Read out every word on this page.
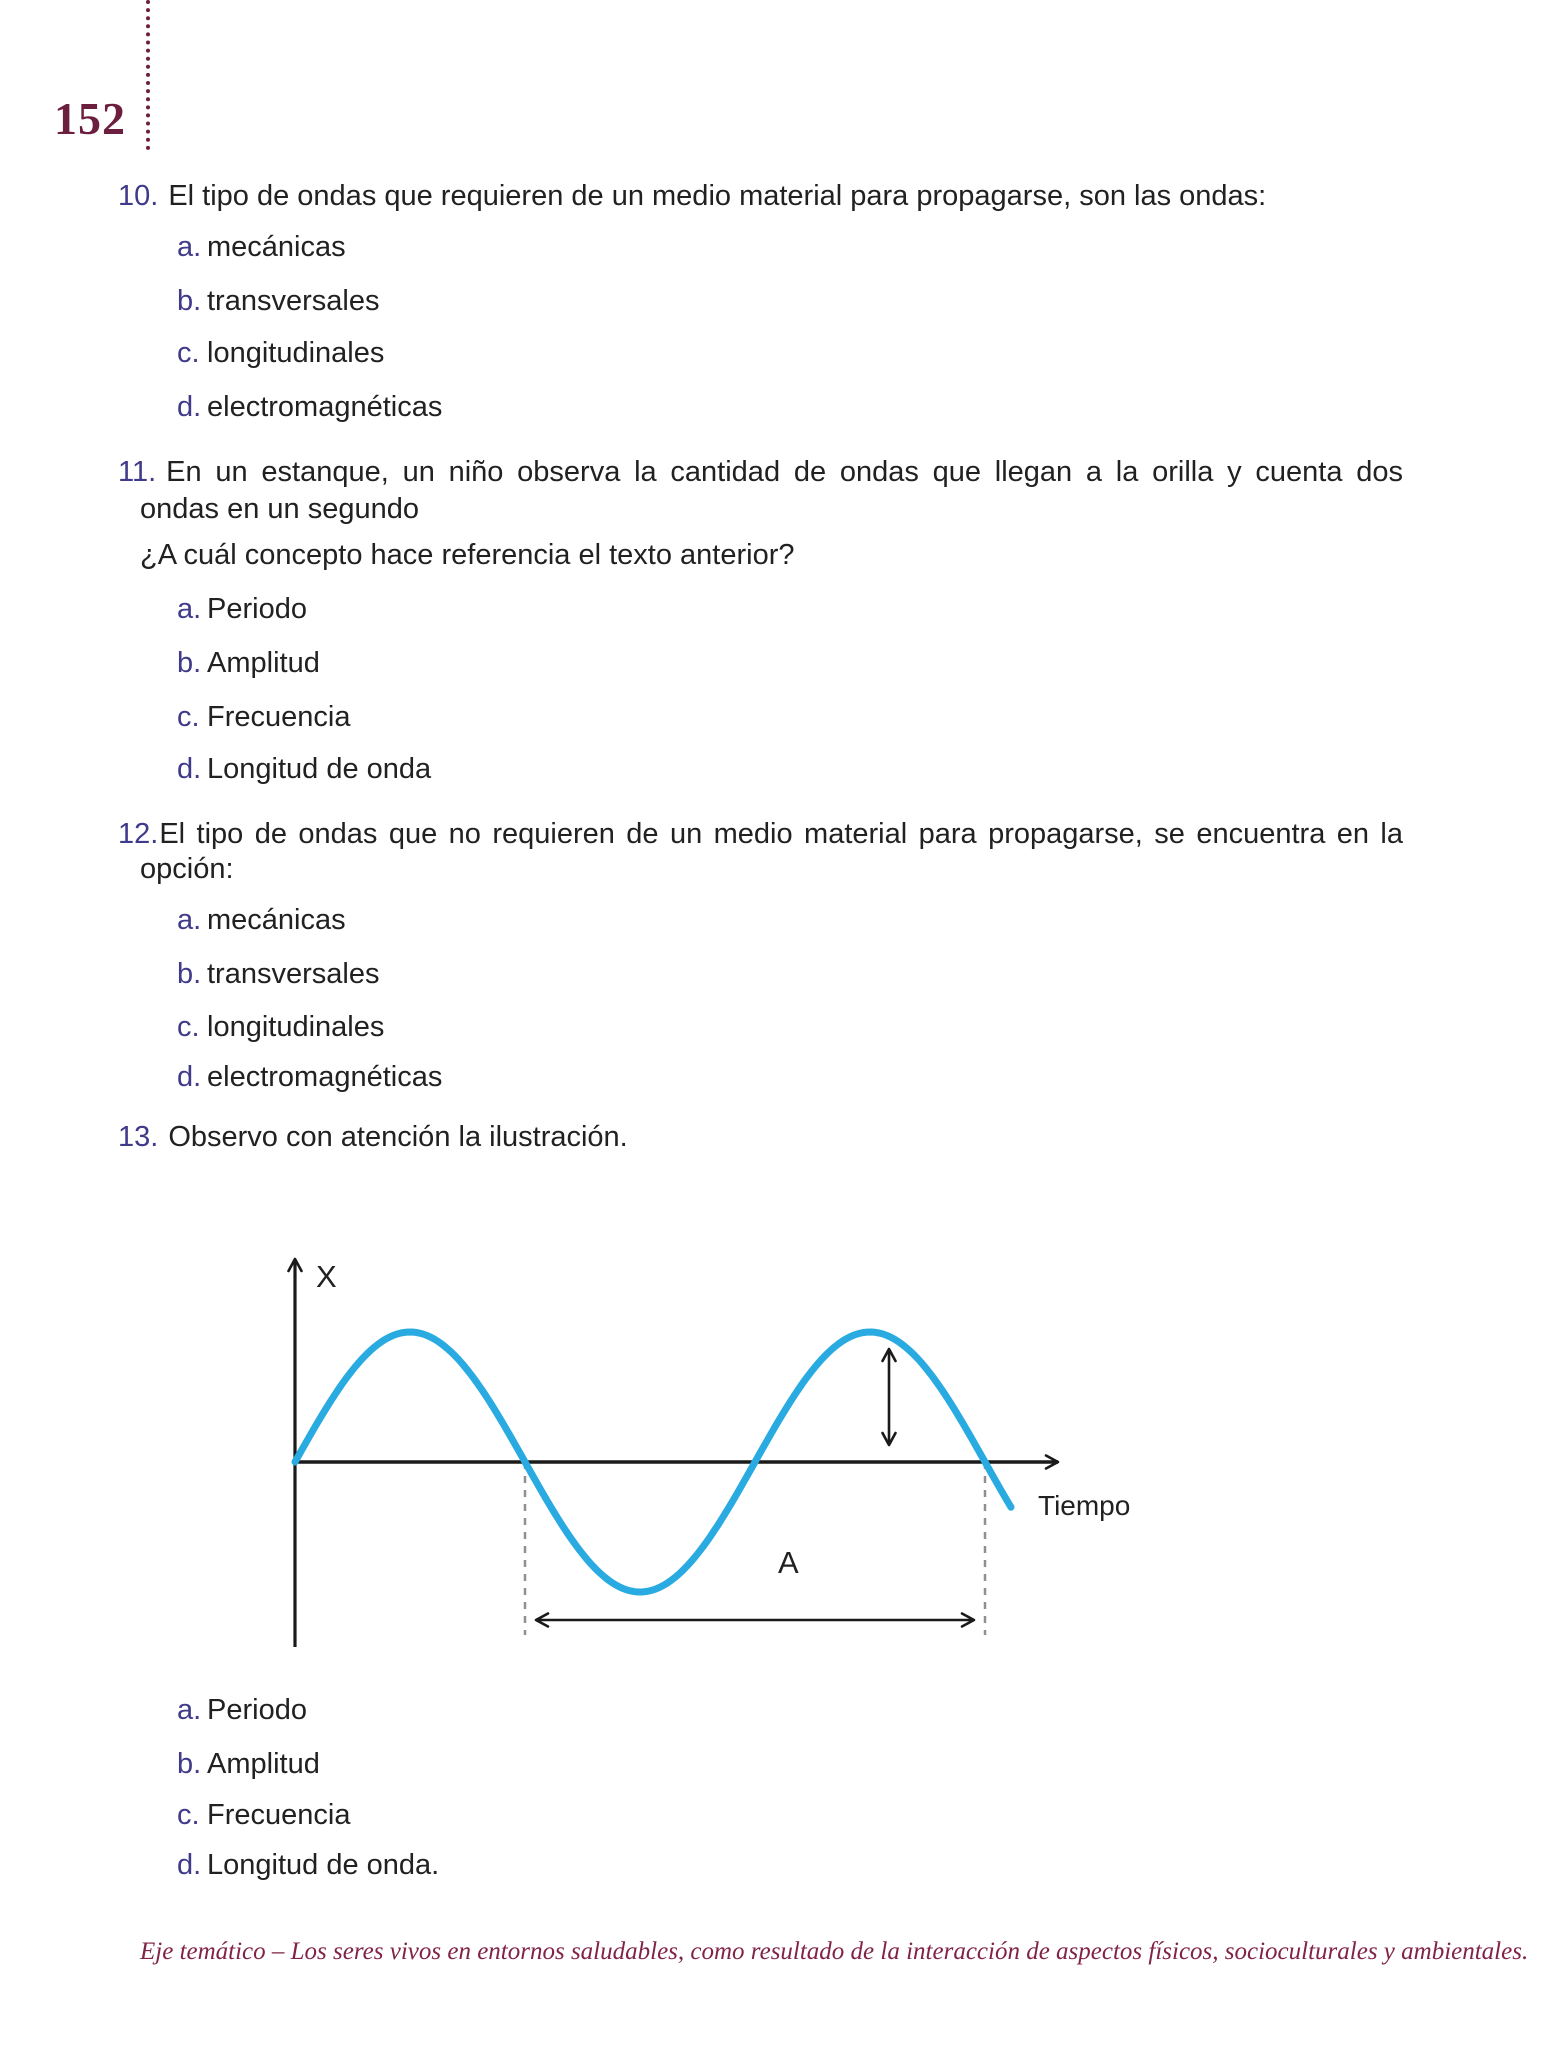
152
10. El tipo de ondas que requieren de un medio material para propagarse, son las ondas:
a. mecánicas
b. transversales
c. longitudinales
d. electromagnéticas
11. En un estanque, un niño observa la cantidad de ondas que llegan a la orilla y cuenta dos
ondas en un segundo
¿A cuál concepto hace referencia el texto anterior?
a. Periodo
b. Amplitud
c. Frecuencia
d. Longitud de onda
12.El tipo de ondas que no requieren de un medio material para propagarse, se encuentra en la
opción:
a. mecánicas
b. transversales
c. longitudinales
d. electromagnéticas
13. Observo con atención la ilustración.
X
Tiempo
A
a. Periodo
b. Amplitud
c. Frecuencia
d. Longitud de onda.
Eje temático – Los seres vivos en entornos saludables, como resultado de la interacción de aspectos físicos, socioculturales y ambientales.
